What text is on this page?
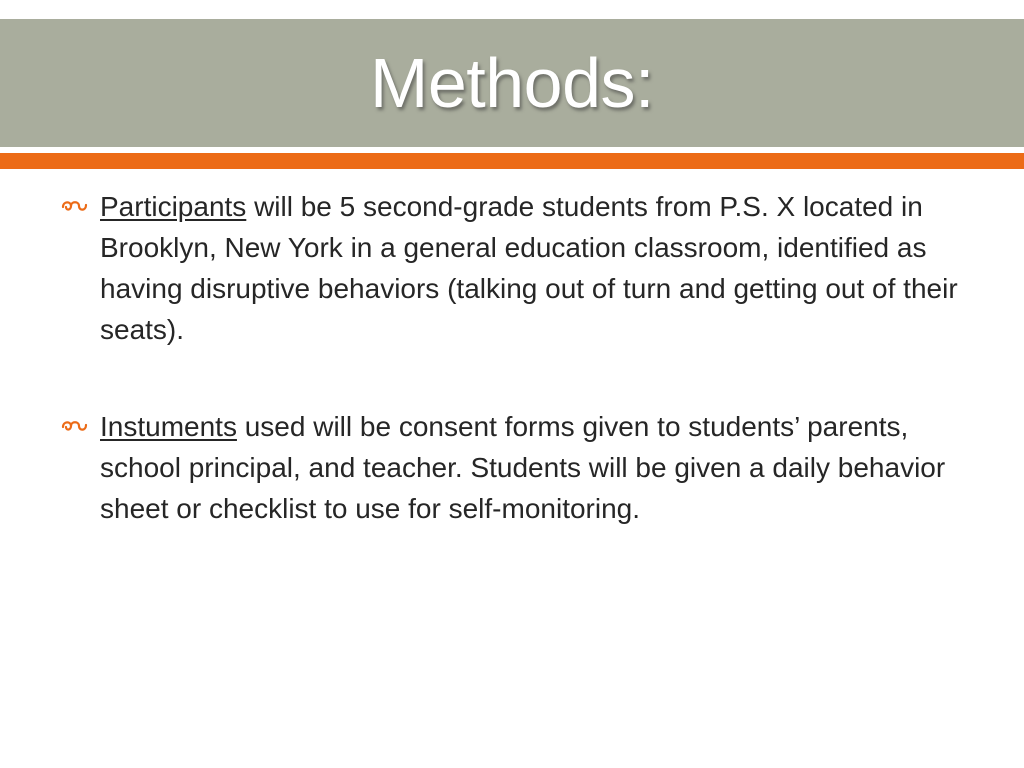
Methods:
Participants will be 5 second-grade students from P.S. X located in Brooklyn, New York in a general education classroom, identified as having disruptive behaviors (talking out of turn and getting out of their seats).
Instuments used will be consent forms given to students’ parents, school principal, and teacher. Students will be given a daily behavior sheet or checklist to use for self-monitoring.
